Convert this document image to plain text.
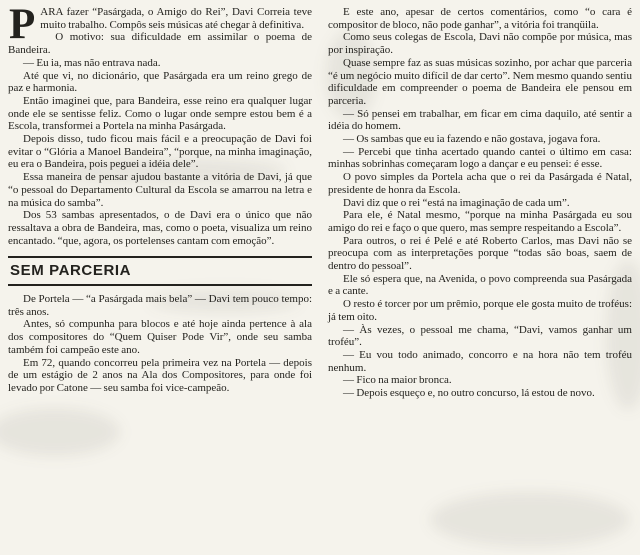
PARA fazer “Pasárgada, o Amigo do Rei”, Davi Correia teve muito trabalho. Compôs seis músicas até chegar à definitiva.

O motivo: sua dificuldade em assimilar o poema de Bandeira.

— Eu ia, mas não entrava nada.

Até que vi, no dicionário, que Pasárgada era um reino grego de paz e harmonia.

Então imaginei que, para Bandeira, esse reino era qualquer lugar onde ele se sentisse feliz. Como o lugar onde sempre estou bem é a Escola, transformei a Portela na minha Pasárgada.

Depois disso, tudo ficou mais fácil e a preocupação de Davi foi evitar o “Glória a Manoel Bandeira”, “porque, na minha imaginação, eu era o Bandeira, pois peguei a idéia dele”.

Essa maneira de pensar ajudou bastante a vitória de Davi, já que “o pessoal do Departamento Cultural da Escola se amarrou na letra e na música do samba”.

Dos 53 sambas apresentados, o de Davi era o único que não ressaltava a obra de Bandeira, mas, como o poeta, visualiza um reino encantado. “que, agora, os portelenses cantam com emoção”.

SEM PARCERIA

De Portela — “a Pasárgada mais bela” — Davi tem pouco tempo: três anos.

Antes, só compunha para blocos e até hoje ainda pertence à ala dos compositores do “Quem Quiser Pode Vir”, onde seu samba também foi campeão este ano.

Em 72, quando concorreu pela primeira vez na Portela — depois de um estágio de 2 anos na Ala dos Compositores, para onde foi levado por Catone — seu samba foi vice-campeão.

E este ano, apesar de certos comentários, como “o cara é compositor de bloco, não pode ganhar”, a vitória foi tranqüila.

Como seus colegas de Escola, Davi não compõe por música, mas por inspiração.

Quase sempre faz as suas músicas sozinho, por achar que parceria “é um negócio muito difícil de dar certo”. Nem mesmo quando sentiu dificuldade em compreender o poema de Bandeira ele pensou em parceria.

— Só pensei em trabalhar, em ficar em cima daquilo, até sentir a idéia do homem.

— Os sambas que eu ia fazendo e não gostava, jogava fora.

— Percebi que tinha acertado quando cantei o último em casa: minhas sobrinhas começaram logo a dançar e eu pensei: é esse.

O povo simples da Portela acha que o rei da Pasárgada é Natal, presidente de honra da Escola.

Davi diz que o rei “está na imaginação de cada um”.

Para ele, é Natal mesmo, “porque na minha Pasárgada eu sou amigo do rei e faço o que quero, mas sempre respeitando a Escola”.

Para outros, o rei é Pelé e até Roberto Carlos, mas Davi não se preocupa com as interpretações porque “todas são boas, saem de dentro do pessoal”.

Ele só espera que, na Avenida, o povo compreenda sua Pasárgada e a cante.

O resto é torcer por um prêmio, porque ele gosta muito de troféus: já tem oito.

— Às vezes, o pessoal me chama, “Davi, vamos ganhar um troféu”.

— Eu vou todo animado, concorro e na hora não tem troféu nenhum.

— Fico na maior bronca.

— Depois esqueço e, no outro concurso, lá estou de novo.
